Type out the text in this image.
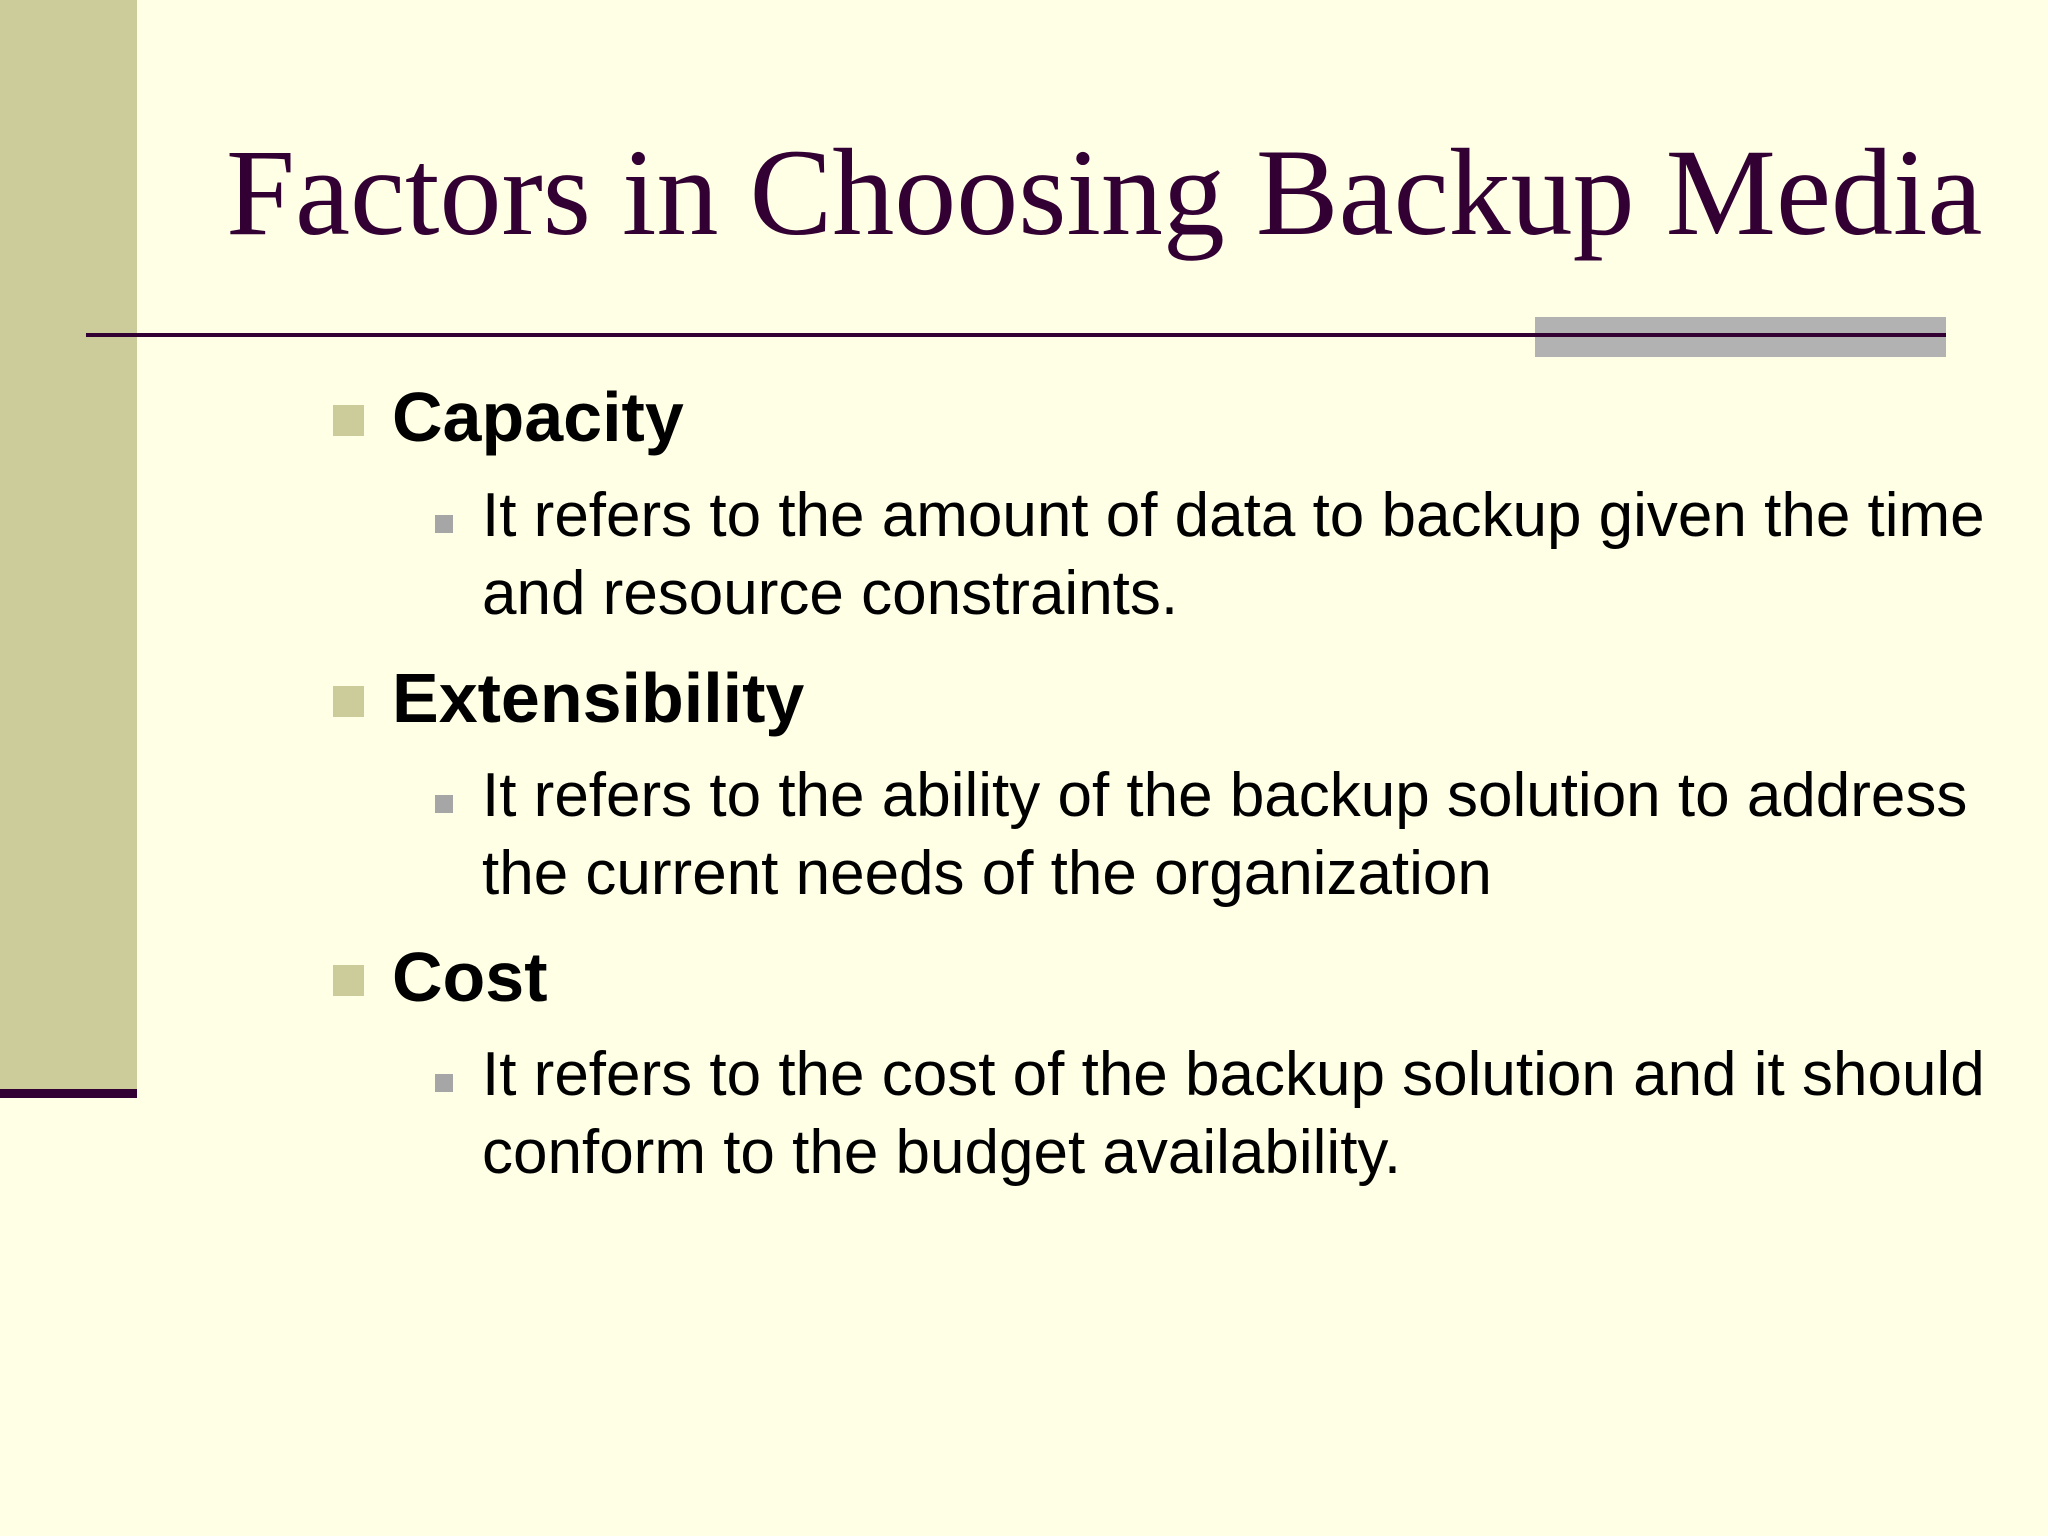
Factors in Choosing Backup Media
Capacity

It refers to the amount of data to backup given the time and resource constraints.

Extensibility

It refers to the ability of the backup solution to address the current needs of the organization

Cost

It refers to the cost of the backup solution and it should conform to the budget availability.
